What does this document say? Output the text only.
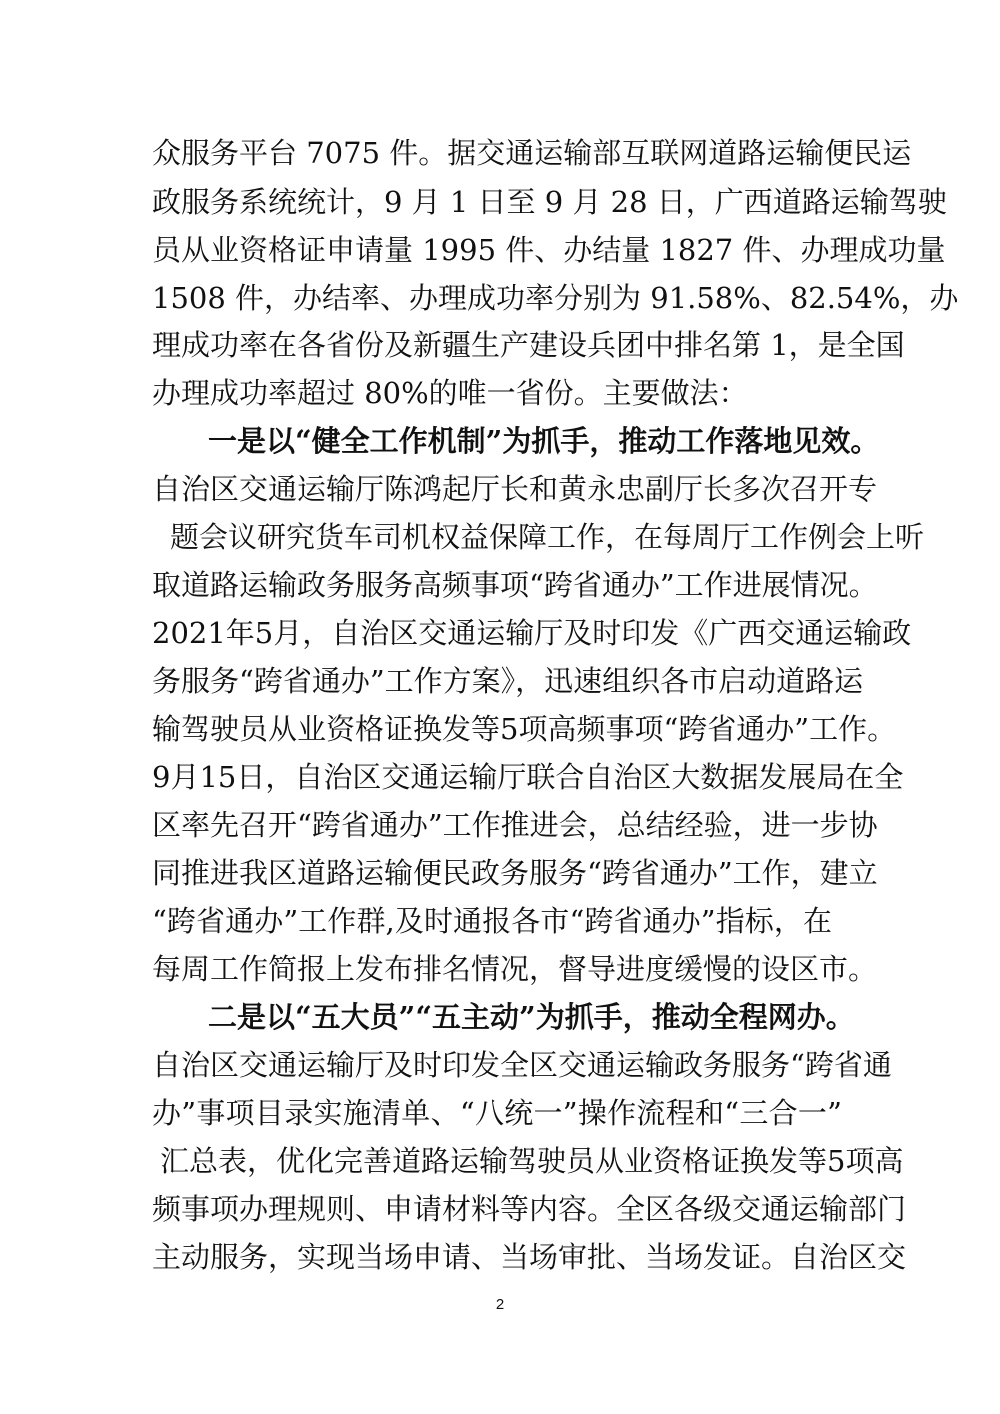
众服务平台 7075 件。据交通运输部互联网道路运输便民运
政服务系统统计，9 月 1 日至 9 月 28 日，广西道路运输驾驶
员从业资格证申请量 1995 件、办结量 1827 件、办理成功量
1508 件，办结率、办理成功率分别为 91.58%、82.54%，办
理成功率在各省份及新疆生产建设兵团中排名第 1，是全国
办理成功率超过 80%的唯一省份。主要做法：
一是以“健全工作机制”为抓手，推动工作落地见效。
自治区交通运输厅陈鸿起厅长和黄永忠副厅长多次召开专
题会议研究货车司机权益保障工作，在每周厅工作例会上听
取道路运输政务服务高频事项“跨省通办”工作进展情况。
2021年5月，自治区交通运输厅及时印发《广西交通运输政
务服务“跨省通办”工作方案》，迅速组织各市启动道路运
输驾驶员从业资格证换发等5项高频事项“跨省通办”工作。
9月15日，自治区交通运输厅联合自治区大数据发展局在全
区率先召开“跨省通办”工作推进会，总结经验，进一步协
同推进我区道路运输便民政务服务“跨省通办”工作，建立
“跨省通办”工作群,及时通报各市“跨省通办”指标，在
每周工作简报上发布排名情况，督导进度缓慢的设区市。
二是以“五大员”“五主动”为抓手，推动全程网办。
自治区交通运输厅及时印发全区交通运输政务服务“跨省通
办”事项目录实施清单、“八统一”操作流程和“三合一”
汇总表，优化完善道路运输驾驶员从业资格证换发等5项高
频事项办理规则、申请材料等内容。全区各级交通运输部门
主动服务，实现当场申请、当场审批、当场发证。自治区交
2
